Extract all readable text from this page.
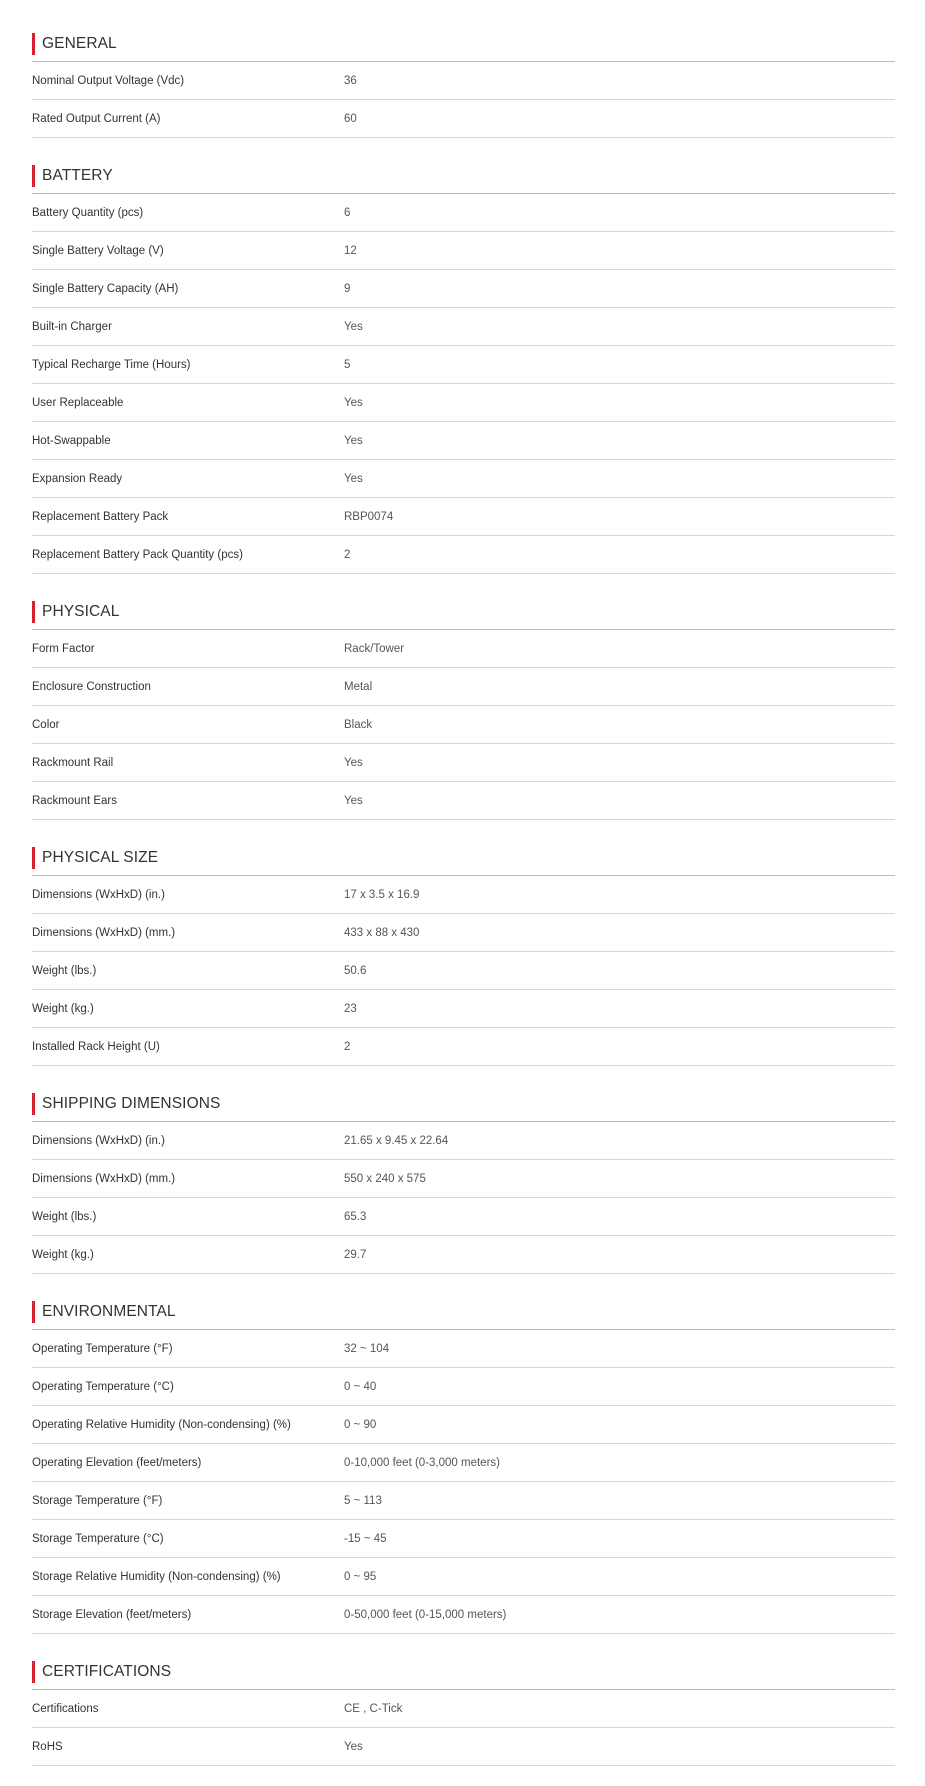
GENERAL
Nominal Output Voltage (Vdc)	36
Rated Output Current (A)	60
BATTERY
Battery Quantity (pcs)	6
Single Battery Voltage (V)	12
Single Battery Capacity (AH)	9
Built-in Charger	Yes
Typical Recharge Time (Hours)	5
User Replaceable	Yes
Hot-Swappable	Yes
Expansion Ready	Yes
Replacement Battery Pack	RBP0074
Replacement Battery Pack Quantity (pcs)	2
PHYSICAL
Form Factor	Rack/Tower
Enclosure Construction	Metal
Color	Black
Rackmount Rail	Yes
Rackmount Ears	Yes
PHYSICAL SIZE
Dimensions (WxHxD) (in.)	17 x 3.5 x 16.9
Dimensions (WxHxD) (mm.)	433 x 88 x 430
Weight (lbs.)	50.6
Weight (kg.)	23
Installed Rack Height (U)	2
SHIPPING DIMENSIONS
Dimensions (WxHxD) (in.)	21.65 x 9.45 x 22.64
Dimensions (WxHxD) (mm.)	550 x 240 x 575
Weight (lbs.)	65.3
Weight (kg.)	29.7
ENVIRONMENTAL
Operating Temperature (°F)	32 ~ 104
Operating Temperature (°C)	0 ~ 40
Operating Relative Humidity (Non-condensing) (%)	0 ~ 90
Operating Elevation (feet/meters)	0-10,000 feet (0-3,000 meters)
Storage Temperature (°F)	5 ~ 113
Storage Temperature (°C)	-15 ~ 45
Storage Relative Humidity (Non-condensing) (%)	0 ~ 95
Storage Elevation (feet/meters)	0-50,000 feet (0-15,000 meters)
CERTIFICATIONS
Certifications	CE , C-Tick
RoHS	Yes
